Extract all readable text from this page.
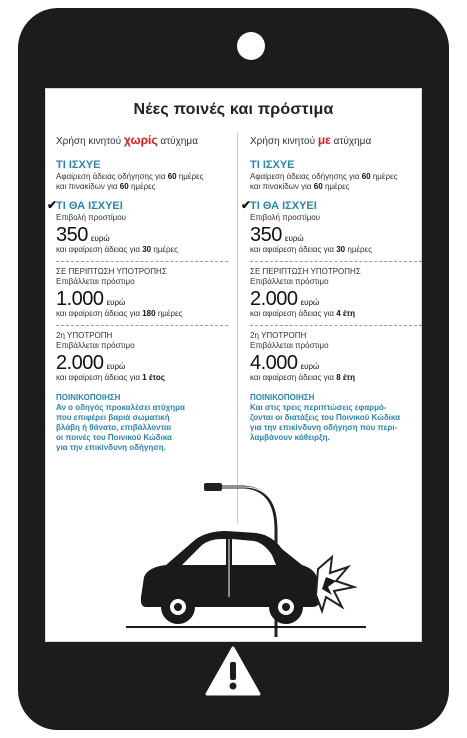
Νέες ποινές και πρόστιμα
Χρήση κινητού χωρίς ατύχημα
ΤΙ ΙΣΧΥΕ
Αφαίρεση άδειας οδήγησης για 60 ημέρες
και πινακίδων για 60 ημέρες
✔
ΤΙ ΘΑ ΙΣΧΥΕΙ
Επιβολή προστίμου
350 ευρώ
και αφαίρεση άδειας για 30 ημέρες
ΣΕ ΠΕΡΙΠΤΩΣΗ ΥΠΟΤΡΟΠΗΣ
Επιβάλλεται πρόστιμο
1.000 ευρώ
και αφαίρεση άδειας για 180 ημέρες
2η ΥΠΟΤΡΟΠΗ
Επιβάλλεται πρόστιμο
2.000 ευρώ
και αφαίρεση άδειας για 1 έτος
ΠΟΙΝΙΚΟΠΟΙΗΣΗ
Αν ο οδηγός προκαλέσει ατύχημα
που επιφέρει βαριά σωματική
βλάβη ή θάνατο, επιβάλλονται
οι ποινές του Ποινικού Κώδικα
για την επικίνδυνη οδήγηση.
Χρήση κινητού με ατύχημα
ΤΙ ΙΣΧΥΕ
Αφαίρεση άδειας οδήγησης για 60 ημέρες
και πινακίδων για 60 ημέρες
✔
ΤΙ ΘΑ ΙΣΧΥΕΙ
Επιβολή προστίμου
350 ευρώ
και αφαίρεση άδειας για 30 ημέρες
ΣΕ ΠΕΡΙΠΤΩΣΗ ΥΠΟΤΡΟΠΗΣ
Επιβάλλεται πρόστιμο
2.000 ευρώ
και αφαίρεση άδειας για 4 έτη
2η ΥΠΟΤΡΟΠΗ
Επιβάλλεται πρόστιμο
4.000 ευρώ
και αφαίρεση άδειας για 8 έτη
ΠΟΙΝΙΚΟΠΟΙΗΣΗ
Και στις τρεις περιπτώσεις εφαρμό-
ζονται οι διατάξεις του Ποινικού Κώδικα
για την επικίνδυνη οδήγηση που περι-
λαμβάνουν κάθειρξη.
